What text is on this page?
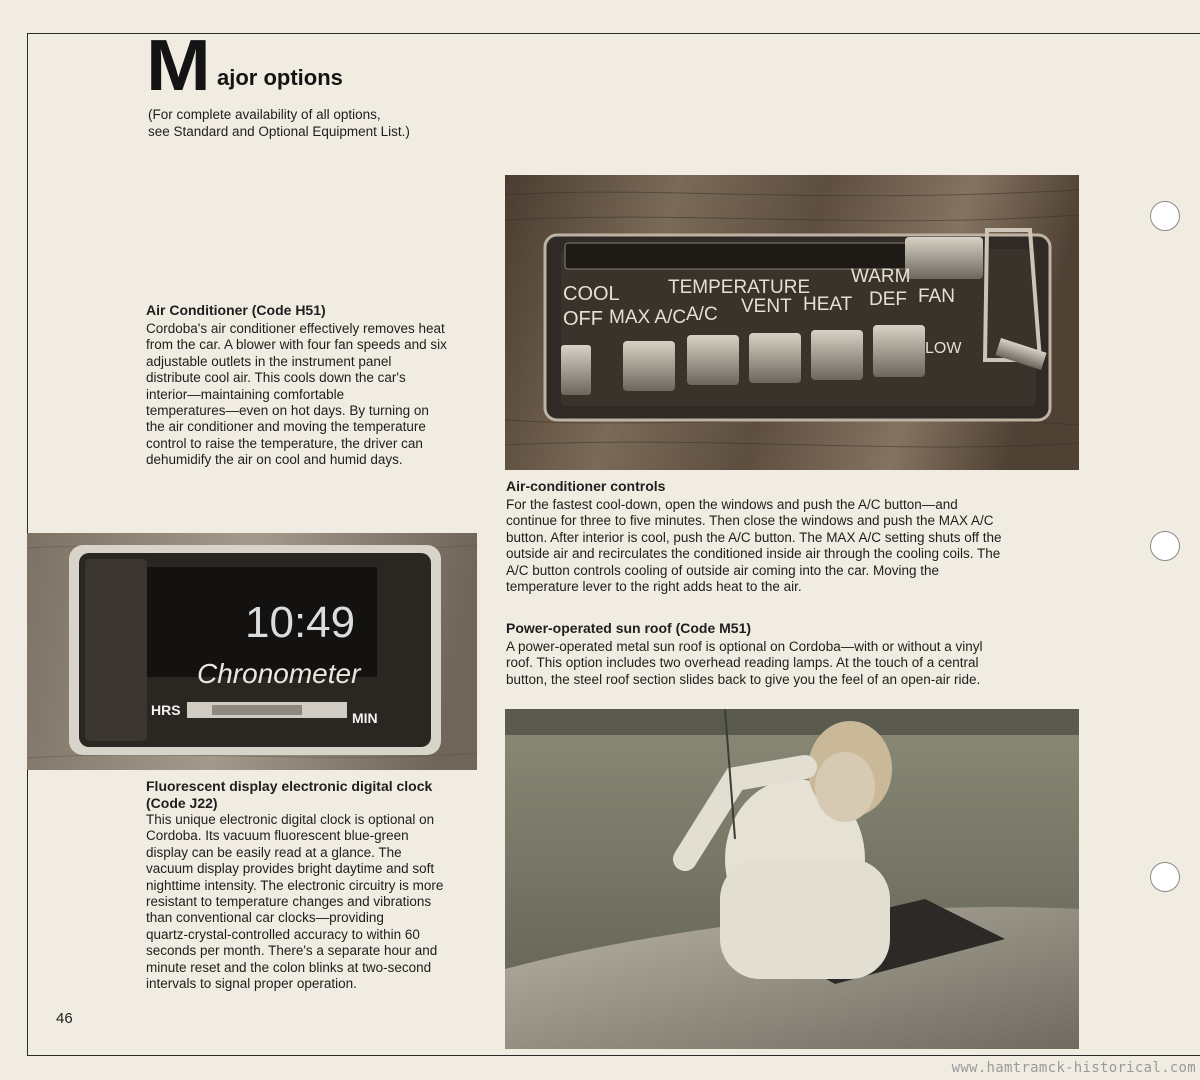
M ajor options

(For complete availability of all options,

see Standard and Optional Equipment List.)

COOL
OFF
TEMPERATURE
WARM
MAX A/C A/C VENT HEAT DEF FAN
LOW
Air Conditioner (Code H51)

Cordoba's air conditioner effectively removes heat

from the car. A blower with four fan speeds and six

adjustable outlets in the instrument panel

distribute cool air. This cools down the car's

interior—maintaining comfortable

temperatures—even on hot days. By turning on

the air conditioner and moving the temperature

control to raise the temperature, the driver can

dehumidify the air on cool and humid days.

Air-conditioner controls

For the fastest cool-down, open the windows and push the A/C button—and

continue for three to five minutes. Then close the windows and push the MAX A/C

button. After interior is cool, push the A/C button. The MAX A/C setting shuts off the

outside air and recirculates the conditioned inside air through the cooling coils. The

A/C button controls cooling of outside air coming into the car. Moving the

temperature lever to the right adds heat to the air.

Power-operated sun roof (Code M51)

A power-operated metal sun roof is optional on Cordoba—with or without a vinyl

roof. This option includes two overhead reading lamps. At the touch of a central

button, the steel roof section slides back to give you the feel of an open-air ride.

10:49
Chronometer
HRS	MIN
Fluorescent display electronic digital clock
(Code J22)

This unique electronic digital clock is optional on

Cordoba. Its vacuum fluorescent blue-green

display can be easily read at a glance. The

vacuum display provides bright daytime and soft

nighttime intensity. The electronic circuitry is more

resistant to temperature changes and vibrations

than conventional car clocks—providing

quartz-crystal-controlled accuracy to within 60

seconds per month. There's a separate hour and

minute reset and the colon blinks at two-second

intervals to signal proper operation.

46
www.hamtramck-historical.com
